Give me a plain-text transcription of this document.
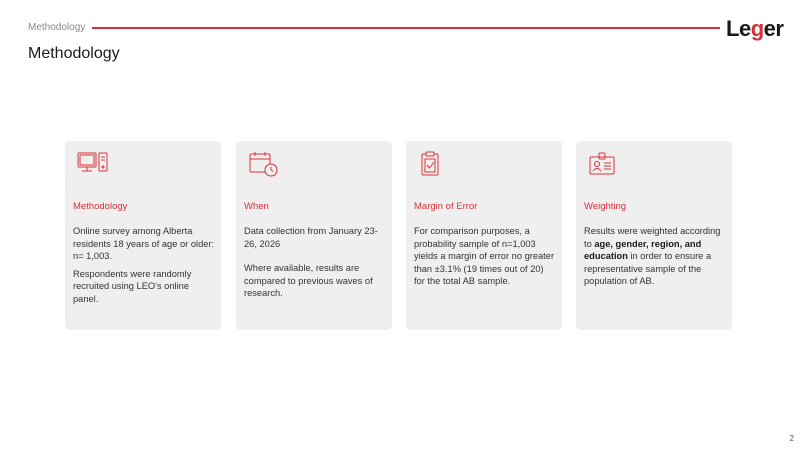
Methodology	Leger
Methodology
Methodology

Online survey among Alberta residents 18 years of age or older: n= 1,003.

Respondents were randomly recruited using LEO's online panel.

When

Data collection from January 23-26, 2026

Where available, results are compared to previous waves of research.

Margin of Error

For comparison purposes, a probability sample of n=1,003 yields a margin of error no greater than ±3.1% (19 times out of 20) for the total AB sample.

Weighting

Results were weighted according to age, gender, region, and education in order to ensure a representative sample of the population of AB.

2
